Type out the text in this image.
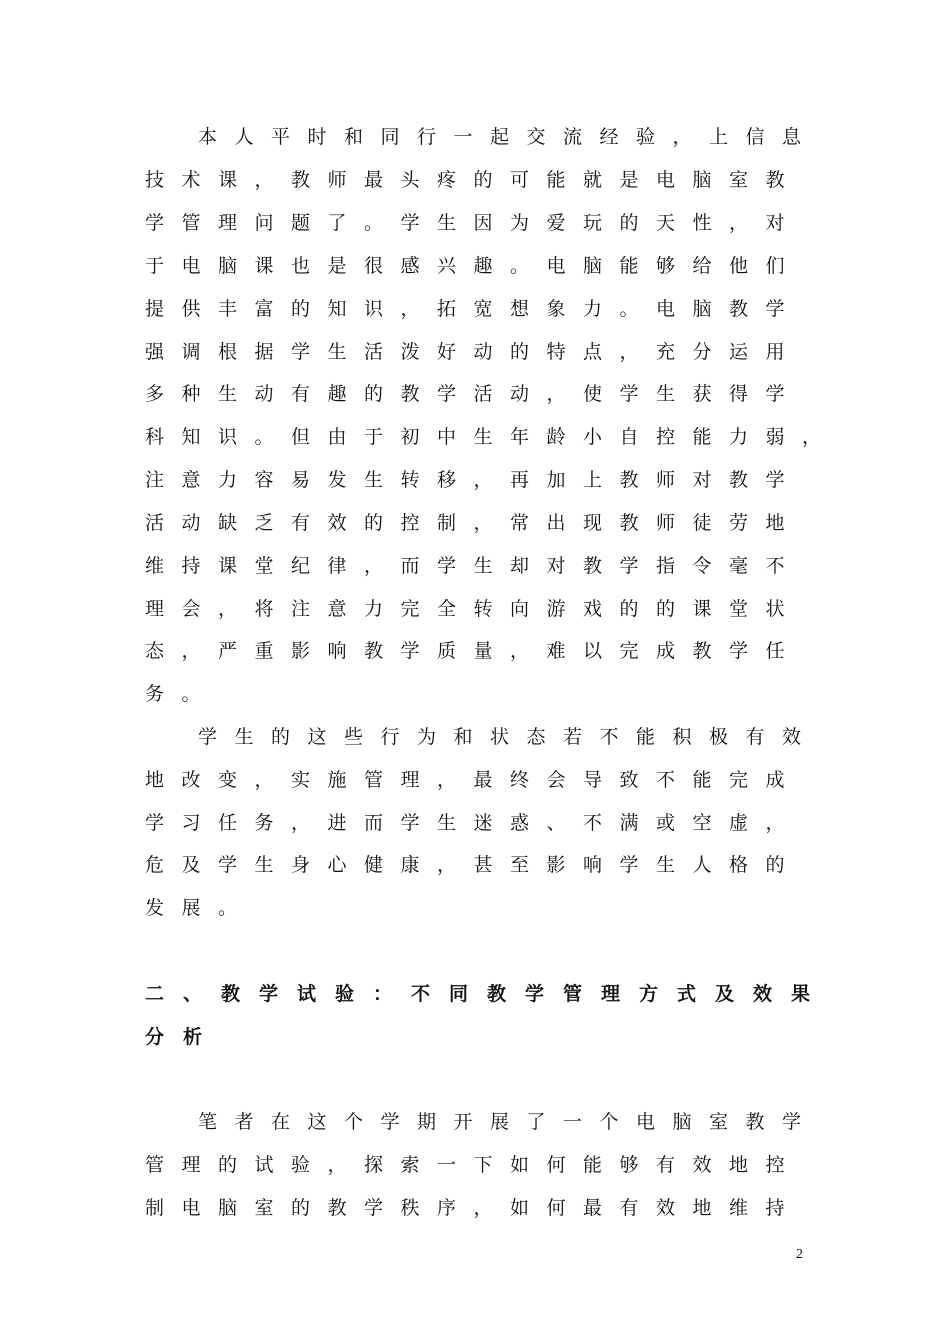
本人平时和同行一起交流经验，上信息
技术课，教师最头疼的可能就是电脑室教
学管理问题了。学生因为爱玩的天性，对
于电脑课也是很感兴趣。电脑能够给他们
提供丰富的知识，拓宽想象力。电脑教学
强调根据学生活泼好动的特点，充分运用
多种生动有趣的教学活动，使学生获得学
科知识。但由于初中生年龄小自控能力弱，
注意力容易发生转移，再加上教师对教学
活动缺乏有效的控制，常出现教师徒劳地
维持课堂纪律，而学生却对教学指令毫不
理会，将注意力完全转向游戏的的课堂状
态，严重影响教学质量，难以完成教学任
务。
学生的这些行为和状态若不能积极有效
地改变，实施管理，最终会导致不能完成
学习任务，进而学生迷惑、不满或空虚，
危及学生身心健康，甚至影响学生人格的
发展。
二、教学试验：不同教学管理方式及效果
分析
笔者在这个学期开展了一个电脑室教学
管理的试验，探索一下如何能够有效地控
制电脑室的教学秩序，如何最有效地维持
2
